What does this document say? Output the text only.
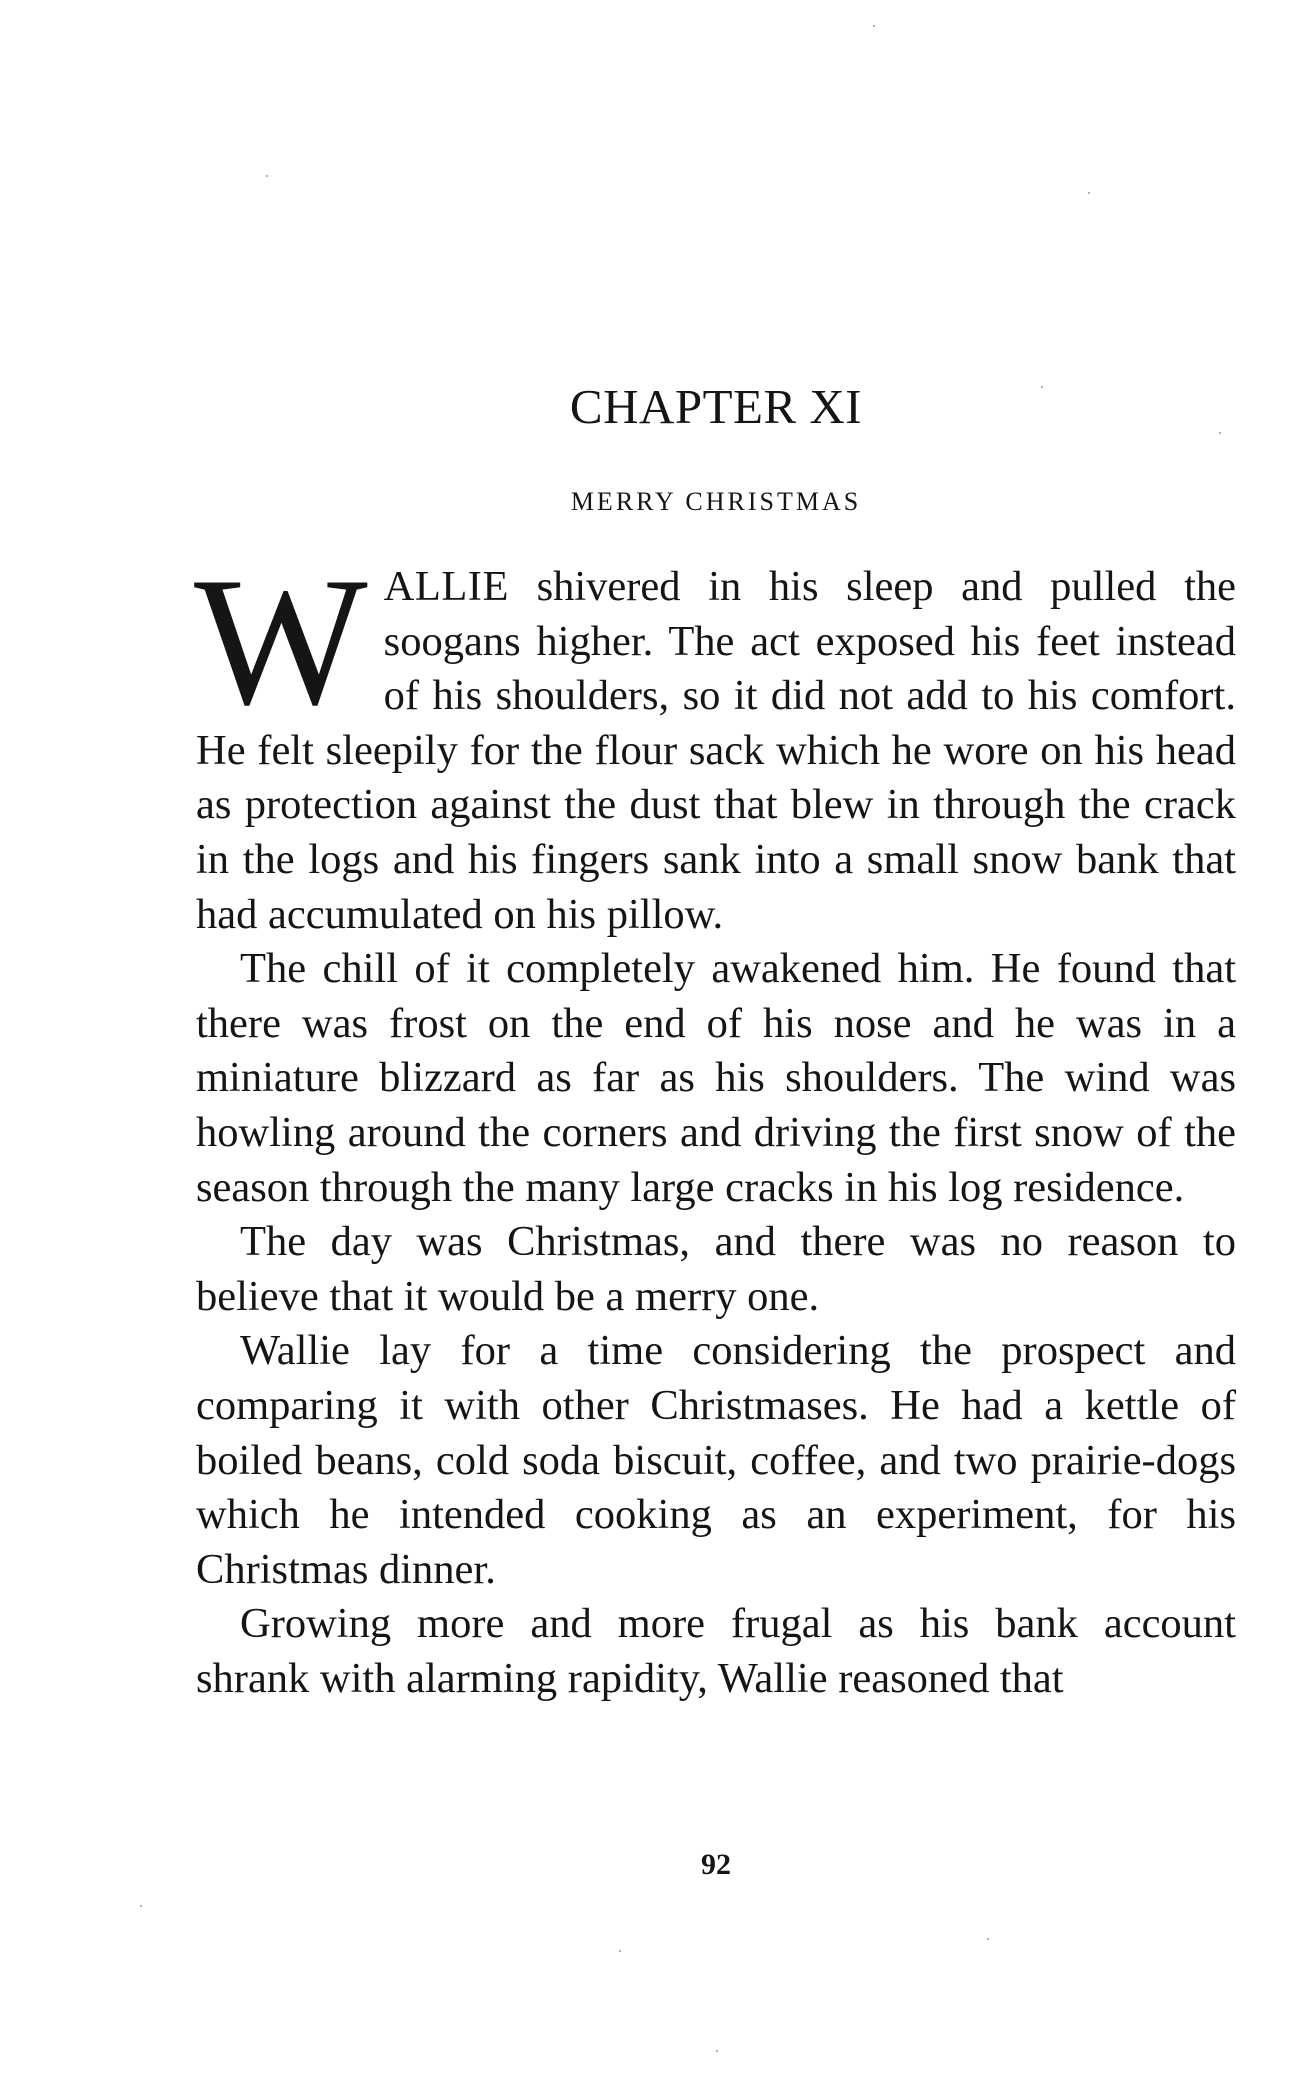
CHAPTER XI
MERRY CHRISTMAS

WALLIE shivered in his sleep and pulled the soogans higher. The act exposed his feet instead of his shoulders, so it did not add to his comfort. He felt sleepily for the flour sack which he wore on his head as protection against the dust that blew in through the crack in the logs and his fingers sank into a small snow bank that had accumulated on his pillow.

The chill of it completely awakened him. He found that there was frost on the end of his nose and he was in a miniature blizzard as far as his shoulders. The wind was howling around the corners and driving the first snow of the season through the many large cracks in his log residence.

The day was Christmas, and there was no reason to believe that it would be a merry one.

Wallie lay for a time considering the prospect and comparing it with other Christmases. He had a kettle of boiled beans, cold soda biscuit, coffee, and two prairie-dogs which he intended cooking as an experiment, for his Christmas dinner.

Growing more and more frugal as his bank account shrank with alarming rapidity, Wallie reasoned that

92
